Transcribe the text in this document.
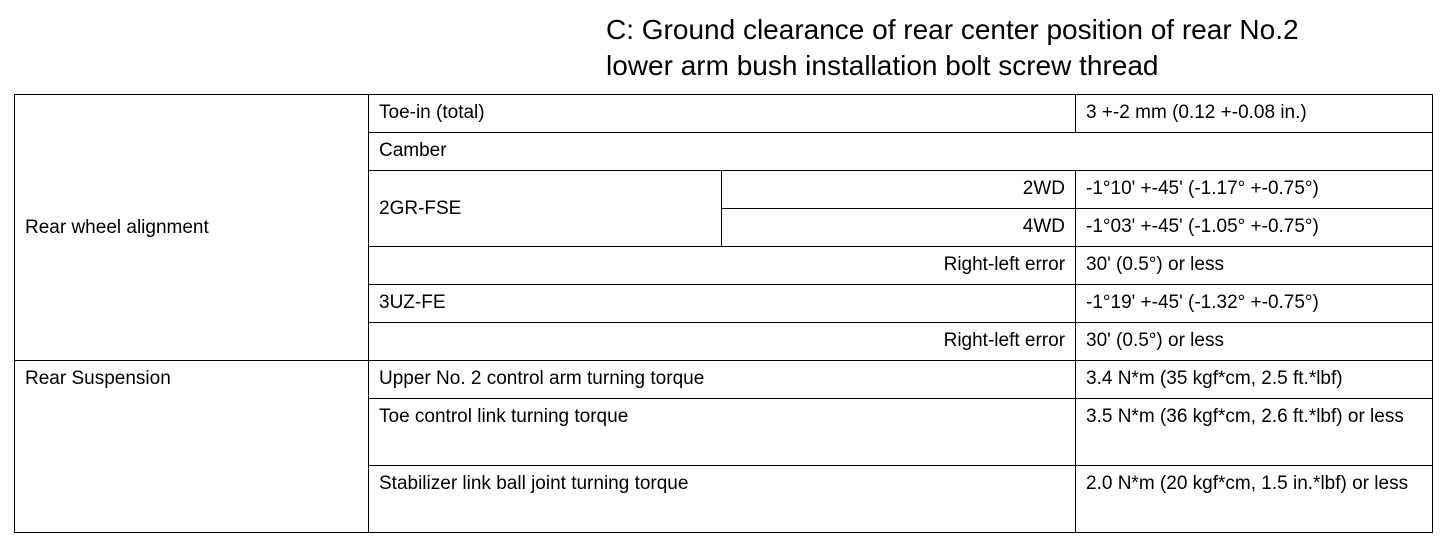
C: Ground clearance of rear center position of rear No.2
lower arm bush installation bolt screw thread
Rear wheel alignment	Toe-in (total)		3 +-2 mm (0.12 +-0.08 in.)
	Camber		
	2GR-FSE	2WD	-1°10' +-45' (-1.17° +-0.75°)
		4WD	-1°03' +-45' (-1.05° +-0.75°)
	Right-left error		30' (0.5°) or less
	3UZ-FE		-1°19' +-45' (-1.32° +-0.75°)
	Right-left error		30' (0.5°) or less
Rear Suspension	Upper No. 2 control arm turning torque		3.4 N*m (35 kgf*cm, 2.5 ft.*lbf)
	Toe control link turning torque		3.5 N*m (36 kgf*cm, 2.6 ft.*lbf) or less
	Stabilizer link ball joint turning torque		2.0 N*m (20 kgf*cm, 1.5 in.*lbf) or less
